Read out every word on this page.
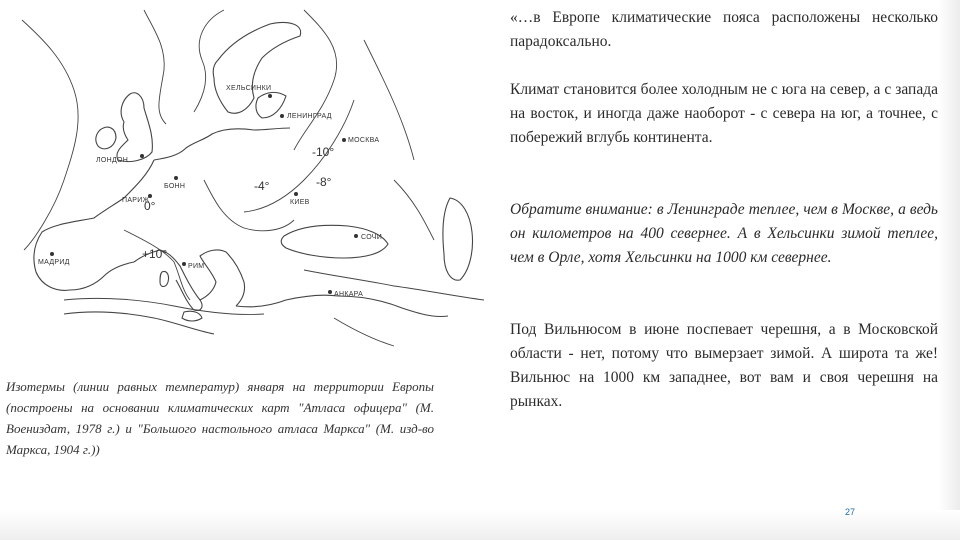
ХЕЛЬСИНКИ
ЛЕНИНГРАД
МОСКВА
ЛОНДОН
БОНН
ПАРИЖ	КИЕВ
МАДРИД
РИМ
СОЧИ
АНКАРА
-10°
-8°
-4°
0°
+10°
Изотермы (линии равных температур) января на территории Европы (построены на основании климатических карт "Атласа офицера" (М. Воениздат, 1978 г.) и "Большого настольного атласа Маркса" (М. изд-во Маркса, 1904 г.))

«…в Европе климатические пояса расположены несколько парадоксально.

Климат становится более холодным не с юга на север, а с запада на восток, и иногда даже наоборот - с севера на юг, а точнее, с побережий вглубь континента.

Обратите внимание: в Ленинграде теплее, чем в Москве, а ведь он километров на 400 севернее. А в Хельсинки зимой теплее, чем в Орле, хотя Хельсинки на 1000 км севернее.

Под Вильнюсом в июне поспевает черешня, а в Московской области - нет, потому что вымерзает зимой. А широта та же! Вильнюс на 1000 км западнее, вот вам и своя черешня на рынках.

27
